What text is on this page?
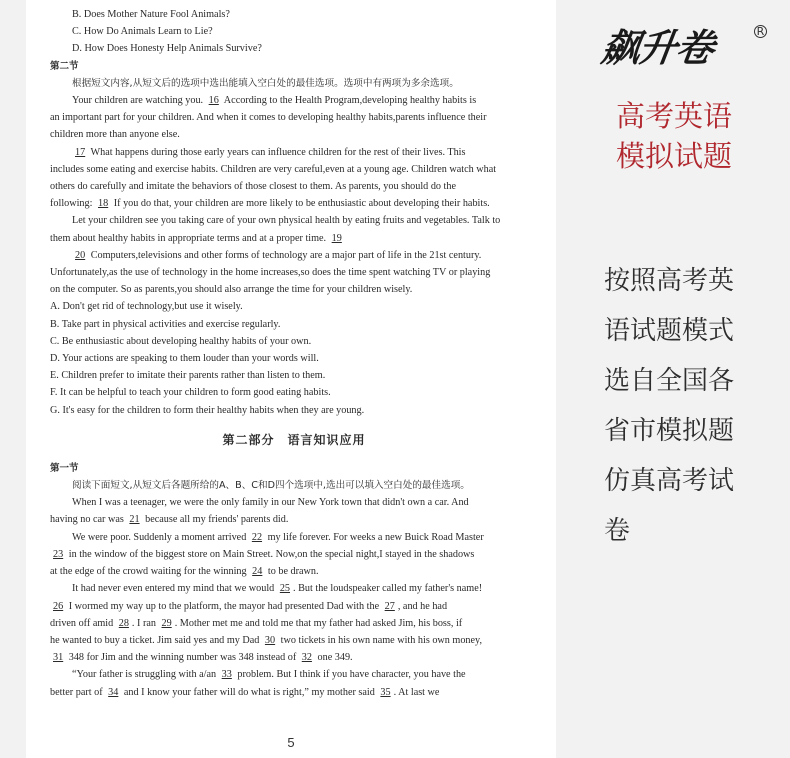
B. Does Mother Nature Fool Animals?
C. How Do Animals Learn to Lie?
D. How Does Honesty Help Animals Survive?
第二节
根据短文内容,从短文后的选项中选出能填入空白处的最佳选项。选项中有两项为多余选项。
Your children are watching you. 16 According to the Health Program,developing healthy habits is
an important part for your children. And when it comes to developing healthy habits,parents influence their
children more than anyone else.
17 What happens during those early years can influence children for the rest of their lives. This
includes some eating and exercise habits. Children are very careful,even at a young age. Children watch what
others do carefully and imitate the behaviors of those closest to them. As parents, you should do the
following: 18 If you do that, your children are more likely to be enthusiastic about developing their habits.
Let your children see you taking care of your own physical health by eating fruits and vegetables. Talk to
them about healthy habits in appropriate terms and at a proper time. 19
20 Computers,televisions and other forms of technology are a major part of life in the 21st century.
Unfortunately,as the use of technology in the home increases,so does the time spent watching TV or playing
on the computer. So as parents,you should also arrange the time for your children wisely.
A. Don't get rid of technology,but use it wisely.
B. Take part in physical activities and exercise regularly.
C. Be enthusiastic about developing healthy habits of your own.
D. Your actions are speaking to them louder than your words will.
E. Children prefer to imitate their parents rather than listen to them.
F. It can be helpful to teach your children to form good eating habits.
G. It's easy for the children to form their healthy habits when they are young.
第二部分　语言知识应用
第一节
阅读下面短文,从短文后各题所给的A、B、C和D四个选项中,选出可以填入空白处的最佳选项。
When I was a teenager, we were the only family in our New York town that didn't own a car. And
having no car was 21 because all my friends' parents did.
We were poor. Suddenly a moment arrived 22 my life forever. For weeks a new Buick Road Master
23 in the window of the biggest store on Main Street. Now,on the special night,I stayed in the shadows
at the edge of the crowd waiting for the winning 24 to be drawn.
It had never even entered my mind that we would 25 . But the loudspeaker called my father's name!
26 I wormed my way up to the platform, the mayor had presented Dad with the 27 , and he had
driven off amid 28 . I ran 29 . Mother met me and told me that my father had asked Jim, his boss, if
he wanted to buy a ticket. Jim said yes and my Dad 30 two tickets in his own name with his own money,
31 348 for Jim and the winning number was 348 instead of 32 one 349.
“Your father is struggling with a/an 33 problem. But I think if you have character, you have the
better part of 34 and I know your father will do what is right,” my mother said 35 . At last we
5
飙升卷	R
高考英语
模拟试题
按照高考英
语试题模式
选自全国各
省市模拟题
仿真高考试
卷
